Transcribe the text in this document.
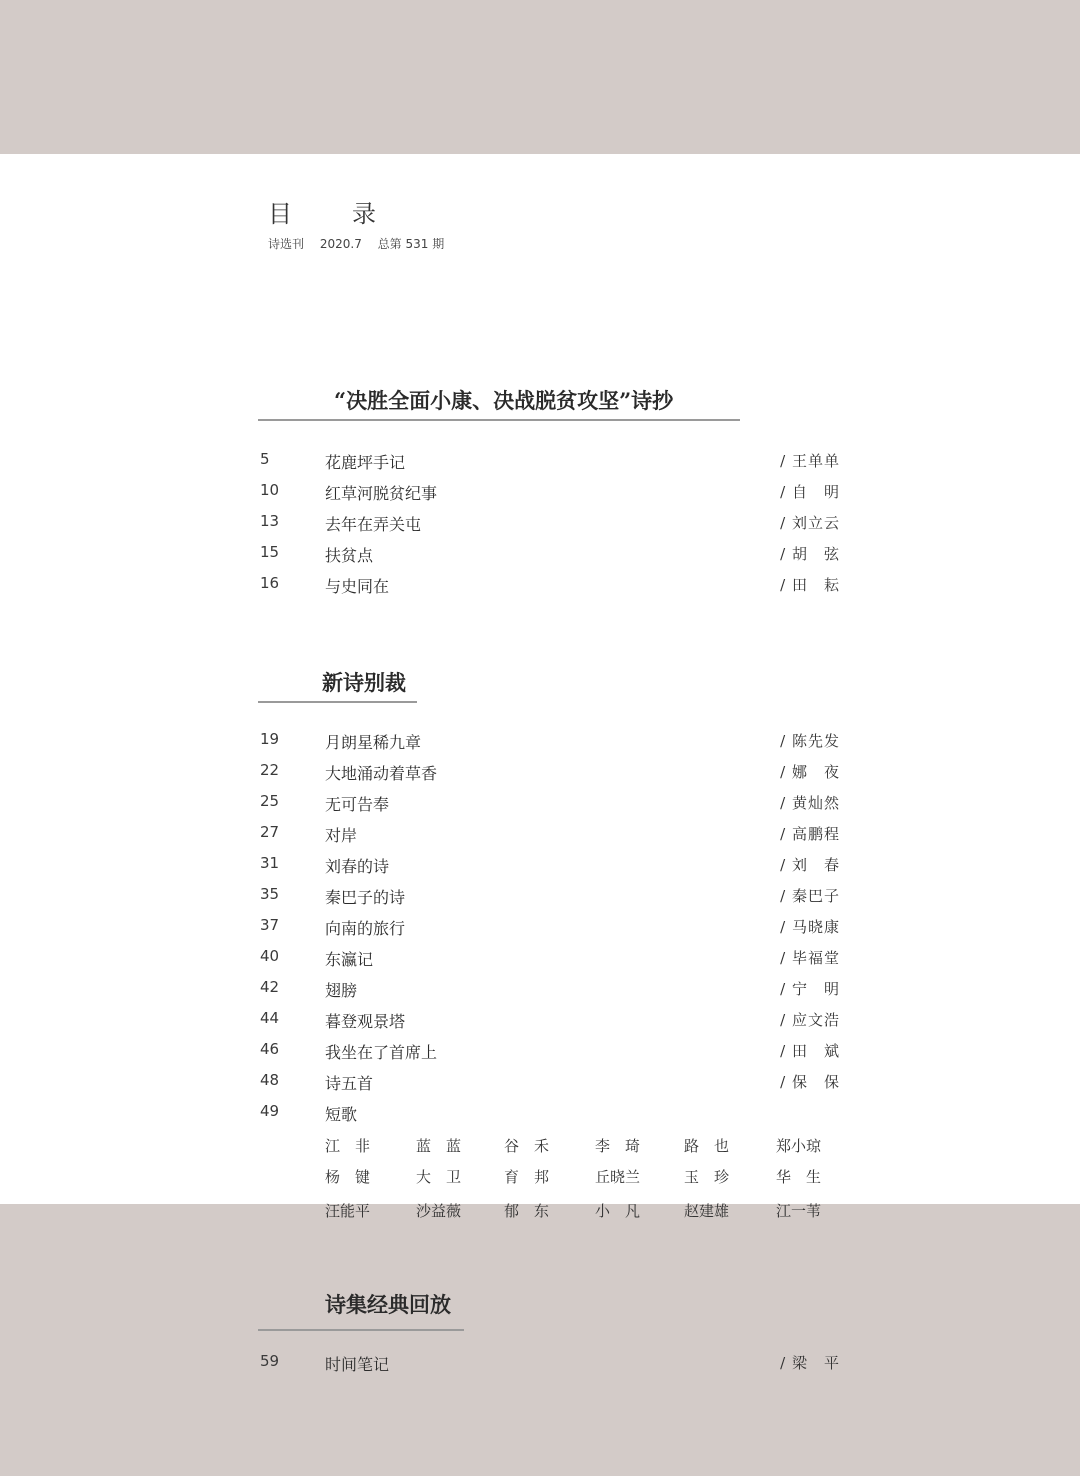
目　录
诗选刊 2020.7 总第 531 期
“决胜全面小康、决战脱贫攻坚”诗抄
5	花鹿坪手记	/ 王单单
10	红草河脱贫纪事	/ 自　明
13	去年在弄关屯	/ 刘立云
15	扶贫点	/ 胡　弦
16	与史同在	/ 田　耘
新诗别裁
19	月朗星稀九章	/ 陈先发
22	大地涌动着草香	/ 娜　夜
25	无可告奉	/ 黄灿然
27	对岸	/ 高鹏程
31	刘春的诗	/ 刘　春
35	秦巴子的诗	/ 秦巴子
37	向南的旅行	/ 马晓康
40	东瀛记	/ 毕福堂
42	翅膀	/ 宁　明
44	暮登观景塔	/ 应文浩
46	我坐在了首席上	/ 田　斌
48	诗五首	/ 保　保
49	短歌
江　非	蓝　蓝	谷　禾	李　琦	路　也	郑小琼
杨　键	大　卫	育　邦	丘晓兰	玉　珍	华　生
汪能平	沙益薇	郁　东	小　凡	赵建雄	江一苇
诗集经典回放
59	时间笔记	/ 梁　平
